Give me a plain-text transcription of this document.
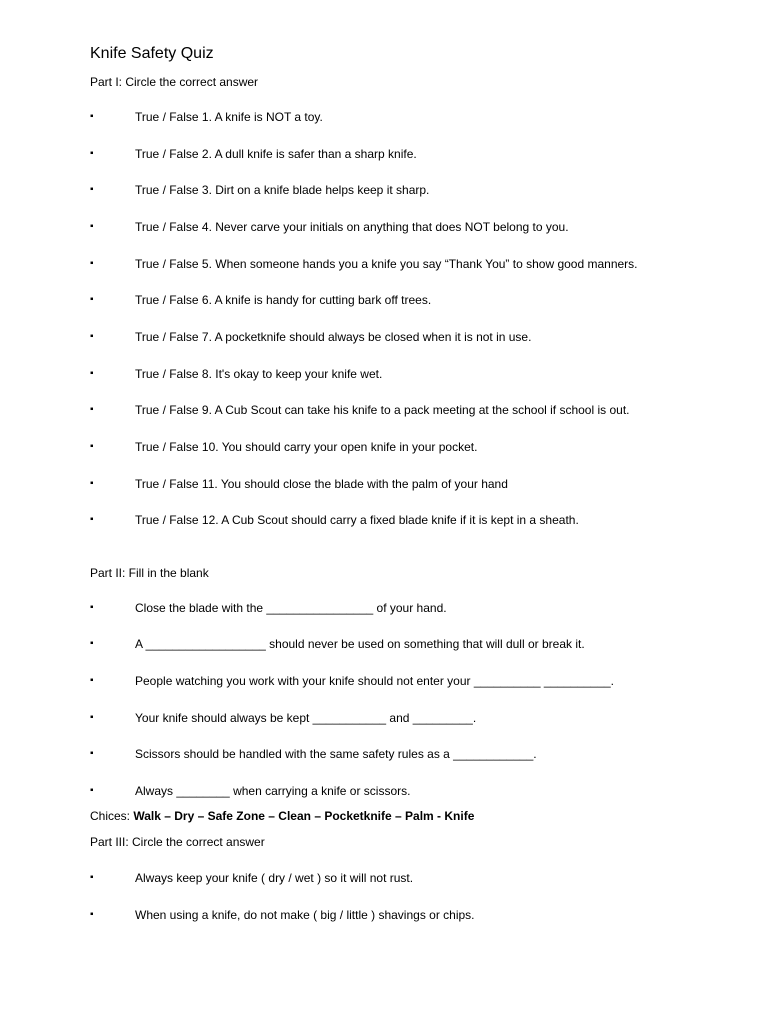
Knife Safety Quiz

Part I: Circle the correct answer

▪	True / False 1. A knife is NOT a toy.
▪	True / False 2. A dull knife is safer than a sharp knife.
▪	True / False 3. Dirt on a knife blade helps keep it sharp.
▪	True / False 4. Never carve your initials on anything that does NOT belong to you.
▪	True / False 5. When someone hands you a knife you say “Thank You” to show good manners.
▪	True / False 6. A knife is handy for cutting bark off trees.
▪	True / False 7. A pocketknife should always be closed when it is not in use.
▪	True / False 8. It's okay to keep your knife wet.
▪	True / False 9. A Cub Scout can take his knife to a pack meeting at the school if school is out.
▪	True / False 10. You should carry your open knife in your pocket.
▪	True / False 11. You should close the blade with the palm of your hand
▪	True / False 12. A Cub Scout should carry a fixed blade knife if it is kept in a sheath.

Part II: Fill in the blank

▪	Close the blade with the ________________ of your hand.
▪	A __________________ should never be used on something that will dull or break it.
▪	People watching you work with your knife should not enter your __________ __________.
▪	Your knife should always be kept ___________ and _________.
▪	Scissors should be handled with the same safety rules as a ____________.
▪	Always ________ when carrying a knife or scissors.
Chices: Walk – Dry – Safe Zone – Clean – Pocketknife – Palm - Knife

Part III: Circle the correct answer

▪	Always keep your knife ( dry / wet ) so it will not rust.
▪	When using a knife, do not make ( big / little ) shavings or chips.
